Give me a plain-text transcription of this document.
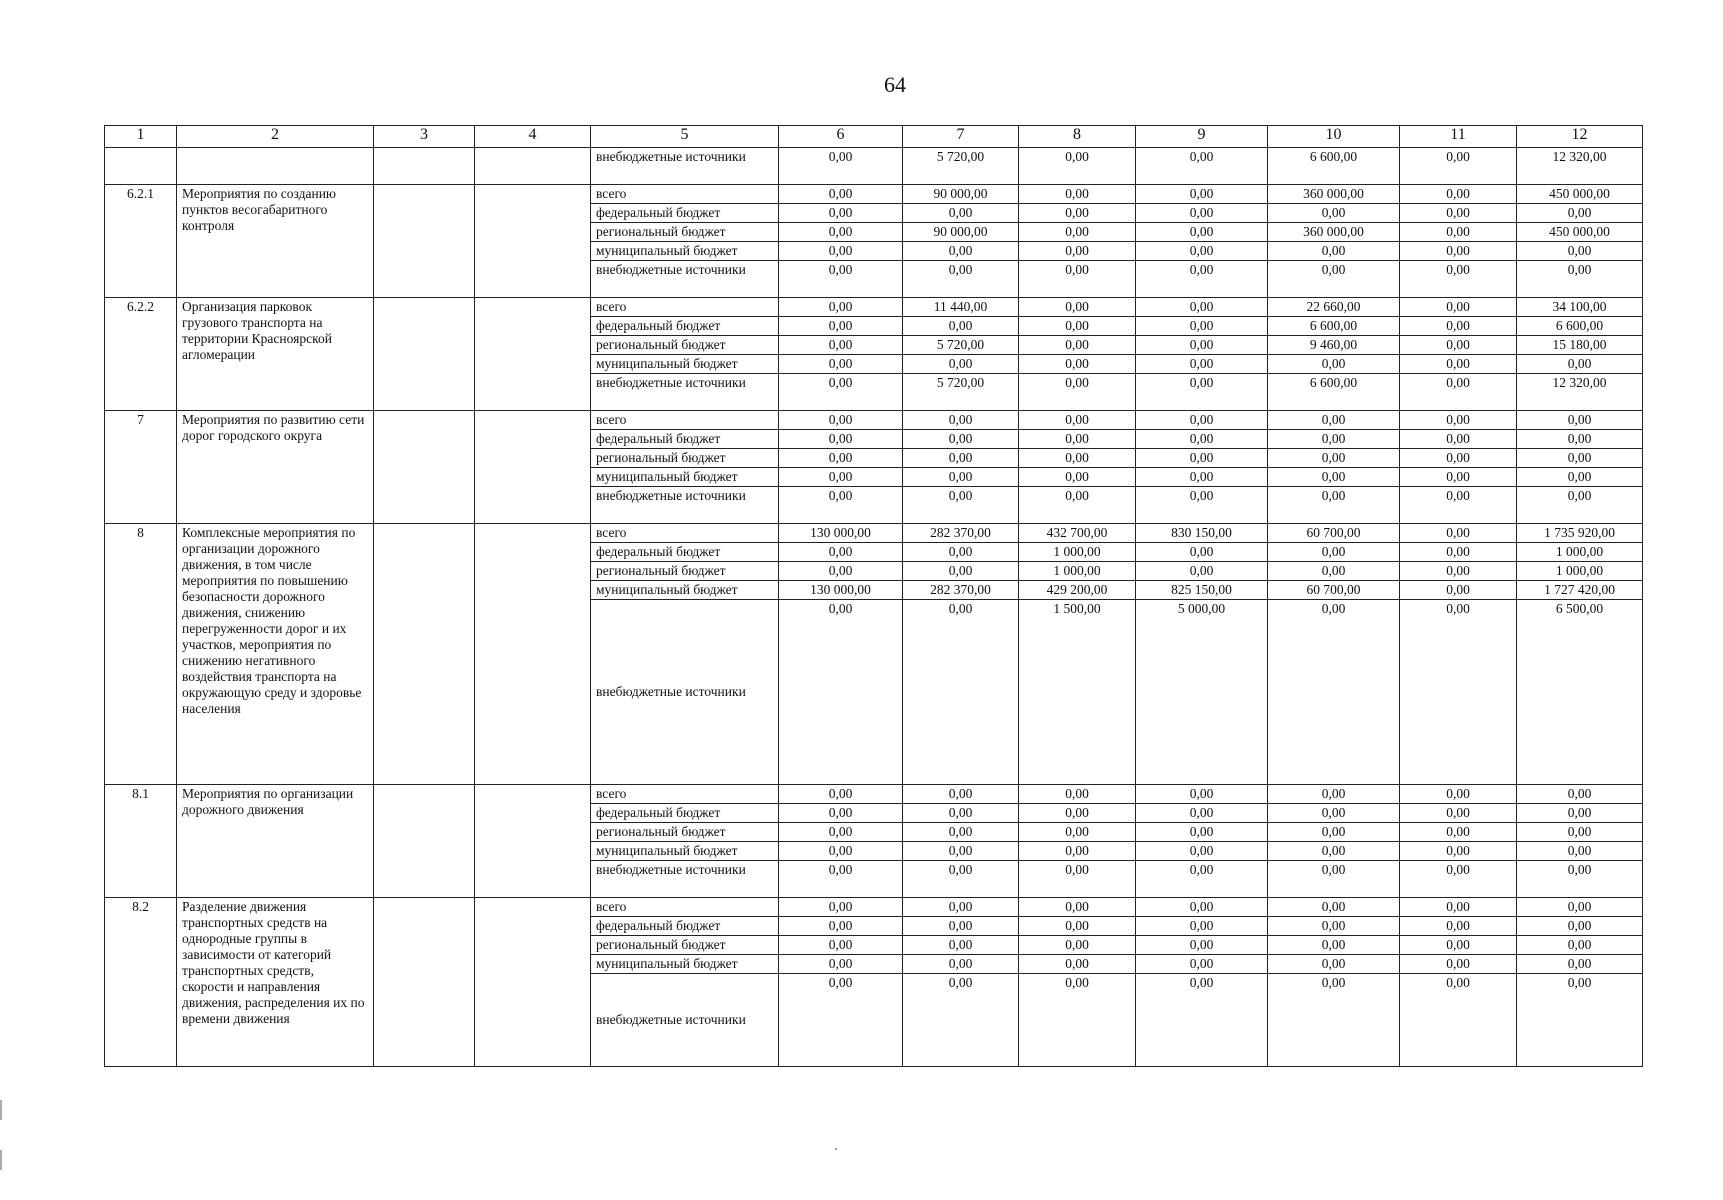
64
1	2	3	4	5	6	7	8	9	10	11	12
				внебюджетные источники	0,00	5 720,00	0,00	0,00	6 600,00	0,00	12 320,00
6.2.1	Мероприятия по созданию пунктов весогабаритного контроля			всего	0,00	90 000,00	0,00	0,00	360 000,00	0,00	450 000,00
				федеральный бюджет	0,00	0,00	0,00	0,00	0,00	0,00	0,00
				региональный бюджет	0,00	90 000,00	0,00	0,00	360 000,00	0,00	450 000,00
				муниципальный бюджет	0,00	0,00	0,00	0,00	0,00	0,00	0,00
				внебюджетные источники	0,00	0,00	0,00	0,00	0,00	0,00	0,00
6.2.2	Организация парковок грузового транспорта на территории Красноярской агломерации			всего	0,00	11 440,00	0,00	0,00	22 660,00	0,00	34 100,00
				федеральный бюджет	0,00	0,00	0,00	0,00	6 600,00	0,00	6 600,00
				региональный бюджет	0,00	5 720,00	0,00	0,00	9 460,00	0,00	15 180,00
				муниципальный бюджет	0,00	0,00	0,00	0,00	0,00	0,00	0,00
				внебюджетные источники	0,00	5 720,00	0,00	0,00	6 600,00	0,00	12 320,00
7	Мероприятия по развитию сети дорог городского округа			всего	0,00	0,00	0,00	0,00	0,00	0,00	0,00
				федеральный бюджет	0,00	0,00	0,00	0,00	0,00	0,00	0,00
				региональный бюджет	0,00	0,00	0,00	0,00	0,00	0,00	0,00
				муниципальный бюджет	0,00	0,00	0,00	0,00	0,00	0,00	0,00
				внебюджетные источники	0,00	0,00	0,00	0,00	0,00	0,00	0,00
8	Комплексные мероприятия по организации дорожного движения, в том числе мероприятия по повышению безопасности дорожного движения, снижению перегруженности дорог и их участков, мероприятия по снижению негативного воздействия транспорта на окружающую среду и здоровье населения			всего	130 000,00	282 370,00	432 700,00	830 150,00	60 700,00	0,00	1 735 920,00
				федеральный бюджет	0,00	0,00	1 000,00	0,00	0,00	0,00	1 000,00
				региональный бюджет	0,00	0,00	1 000,00	0,00	0,00	0,00	1 000,00
				муниципальный бюджет	130 000,00	282 370,00	429 200,00	825 150,00	60 700,00	0,00	1 727 420,00
				внебюджетные источники	0,00	0,00	1 500,00	5 000,00	0,00	0,00	6 500,00
8.1	Мероприятия по организации дорожного движения			всего	0,00	0,00	0,00	0,00	0,00	0,00	0,00
				федеральный бюджет	0,00	0,00	0,00	0,00	0,00	0,00	0,00
				региональный бюджет	0,00	0,00	0,00	0,00	0,00	0,00	0,00
				муниципальный бюджет	0,00	0,00	0,00	0,00	0,00	0,00	0,00
				внебюджетные источники	0,00	0,00	0,00	0,00	0,00	0,00	0,00
8.2	Разделение движения транспортных средств на однородные группы в зависимости от категорий транспортных средств, скорости и направления движения, распределения их по времени движения			всего	0,00	0,00	0,00	0,00	0,00	0,00	0,00
				федеральный бюджет	0,00	0,00	0,00	0,00	0,00	0,00	0,00
				региональный бюджет	0,00	0,00	0,00	0,00	0,00	0,00	0,00
				муниципальный бюджет	0,00	0,00	0,00	0,00	0,00	0,00	0,00
				внебюджетные источники	0,00	0,00	0,00	0,00	0,00	0,00	0,00
